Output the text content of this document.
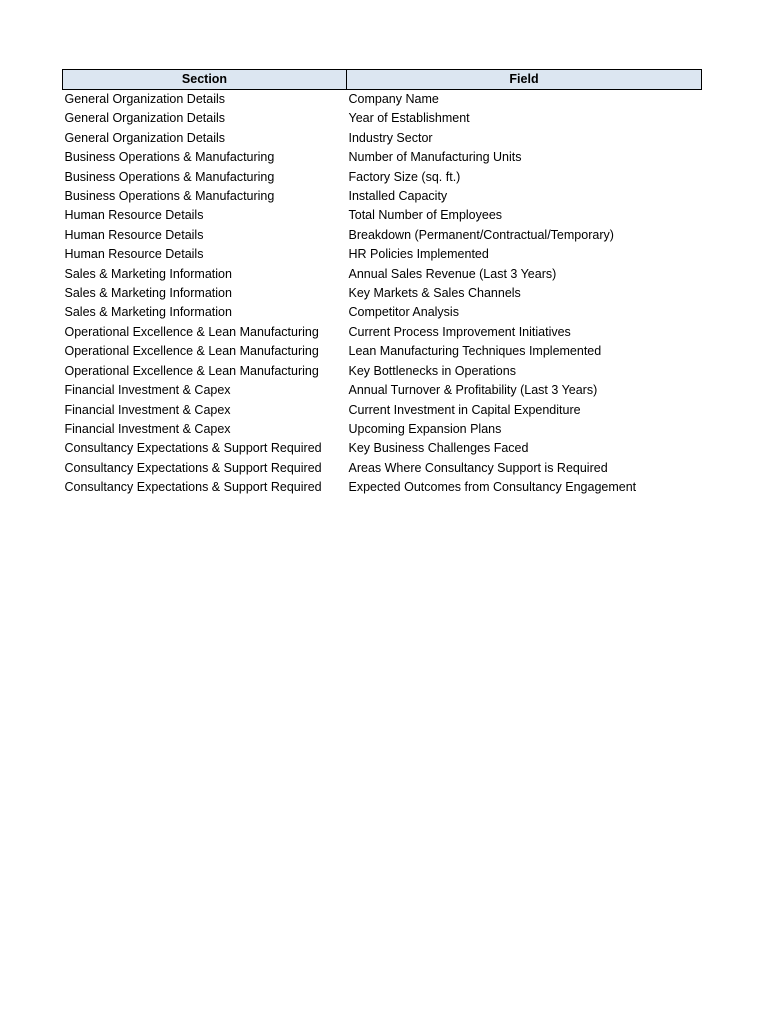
Section	Field
General Organization Details	Company Name
General Organization Details	Year of Establishment
General Organization Details	Industry Sector
Business Operations & Manufacturing	Number of Manufacturing Units
Business Operations & Manufacturing	Factory Size (sq. ft.)
Business Operations & Manufacturing	Installed Capacity
Human Resource Details	Total Number of Employees
Human Resource Details	Breakdown (Permanent/Contractual/Temporary)
Human Resource Details	HR Policies Implemented
Sales & Marketing Information	Annual Sales Revenue (Last 3 Years)
Sales & Marketing Information	Key Markets & Sales Channels
Sales & Marketing Information	Competitor Analysis
Operational Excellence & Lean Manufacturing	Current Process Improvement Initiatives
Operational Excellence & Lean Manufacturing	Lean Manufacturing Techniques Implemented
Operational Excellence & Lean Manufacturing	Key Bottlenecks in Operations
Financial Investment & Capex	Annual Turnover & Profitability (Last 3 Years)
Financial Investment & Capex	Current Investment in Capital Expenditure
Financial Investment & Capex	Upcoming Expansion Plans
Consultancy Expectations & Support Required	Key Business Challenges Faced
Consultancy Expectations & Support Required	Areas Where Consultancy Support is Required
Consultancy Expectations & Support Required	Expected Outcomes from Consultancy Engagement
